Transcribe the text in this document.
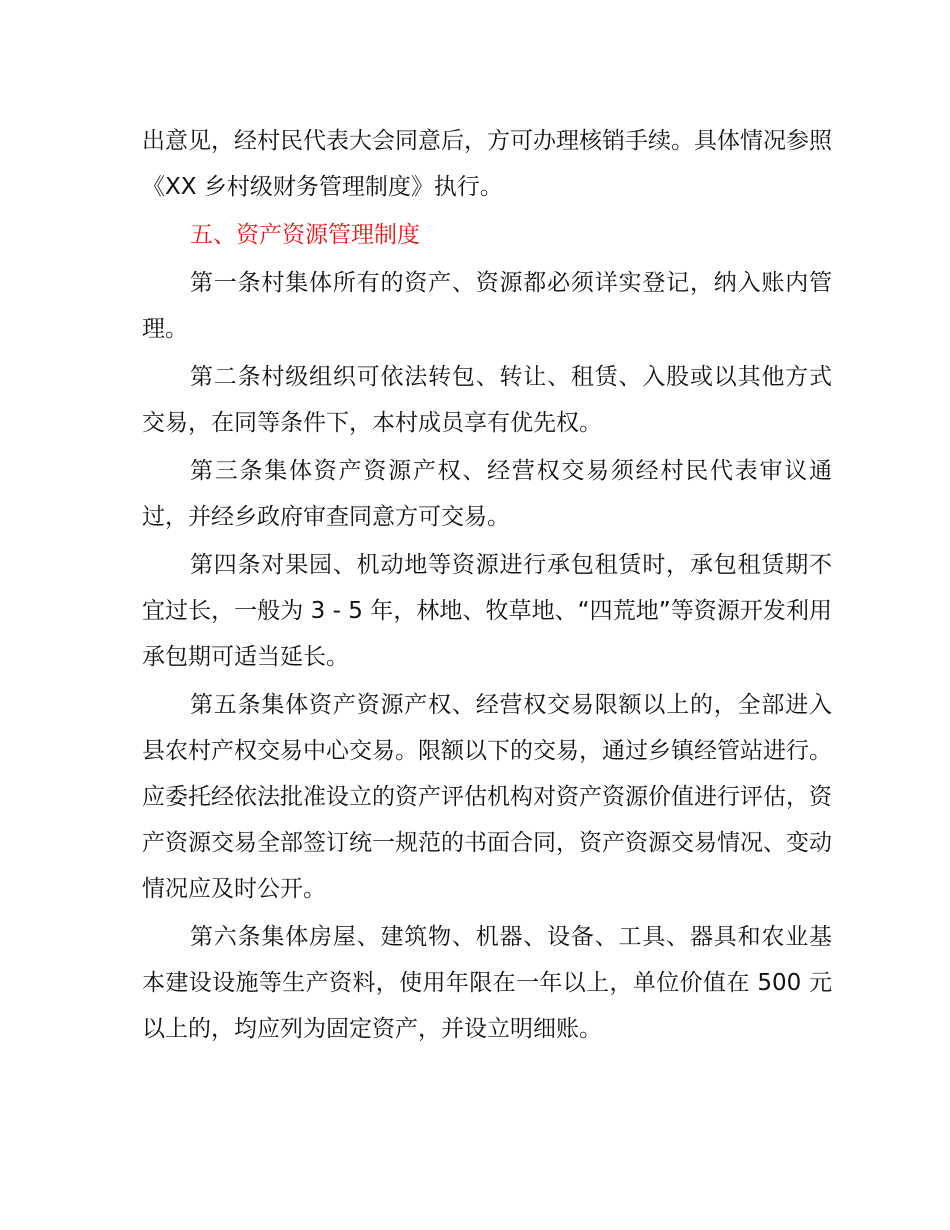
出意见，经村民代表大会同意后，方可办理核销手续。具体情况参照《XX 乡村级财务管理制度》执行。

五、资产资源管理制度

第一条村集体所有的资产、资源都必须详实登记，纳入账内管理。

第二条村级组织可依法转包、转让、租赁、入股或以其他方式交易，在同等条件下，本村成员享有优先权。

第三条集体资产资源产权、经营权交易须经村民代表审议通过，并经乡政府审查同意方可交易。

第四条对果园、机动地等资源进行承包租赁时，承包租赁期不宜过长，一般为 3 - 5 年，林地、牧草地、“四荒地”等资源开发利用承包期可适当延长。

第五条集体资产资源产权、经营权交易限额以上的，全部进入县农村产权交易中心交易。限额以下的交易，通过乡镇经管站进行。应委托经依法批准设立的资产评估机构对资产资源价值进行评估，资产资源交易全部签订统一规范的书面合同，资产资源交易情况、变动情况应及时公开。

第六条集体房屋、建筑物、机器、设备、工具、器具和农业基本建设设施等生产资料，使用年限在一年以上，单位价值在 500 元以上的，均应列为固定资产，并设立明细账。
